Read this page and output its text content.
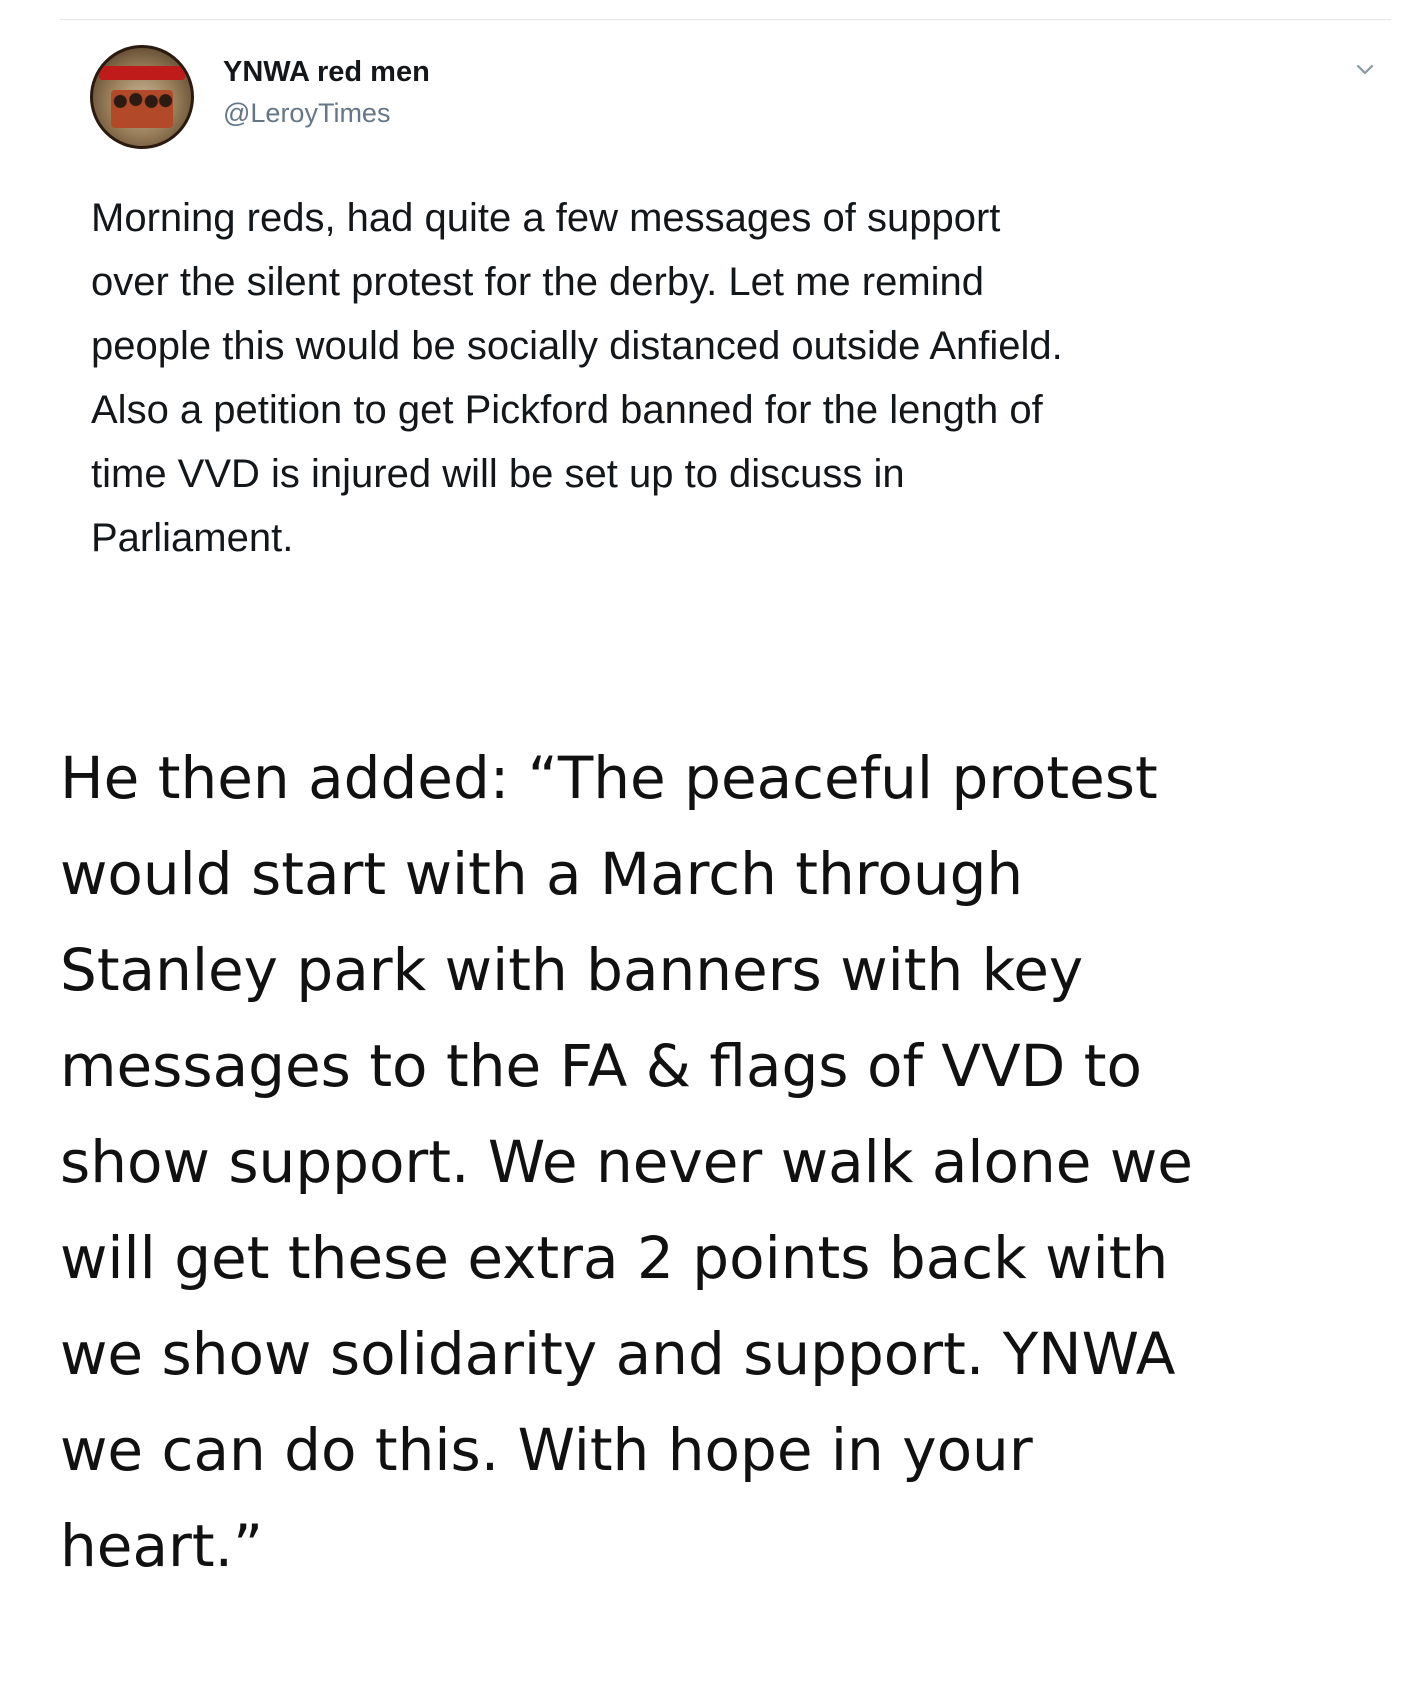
YNWA red men
@LeroyTimes
Morning reds, had quite a few messages of support
over the silent protest for the derby. Let me remind
people this would be socially distanced outside Anfield.
Also a petition to get Pickford banned for the length of
time VVD is injured will be set up to discuss in
Parliament.
He then added: “The peaceful protest
would start with a March through
Stanley park with banners with key
messages to the FA & flags of VVD to
show support. We never walk alone we
will get these extra 2 points back with
we show solidarity and support. YNWA
we can do this. With hope in your
heart.”
